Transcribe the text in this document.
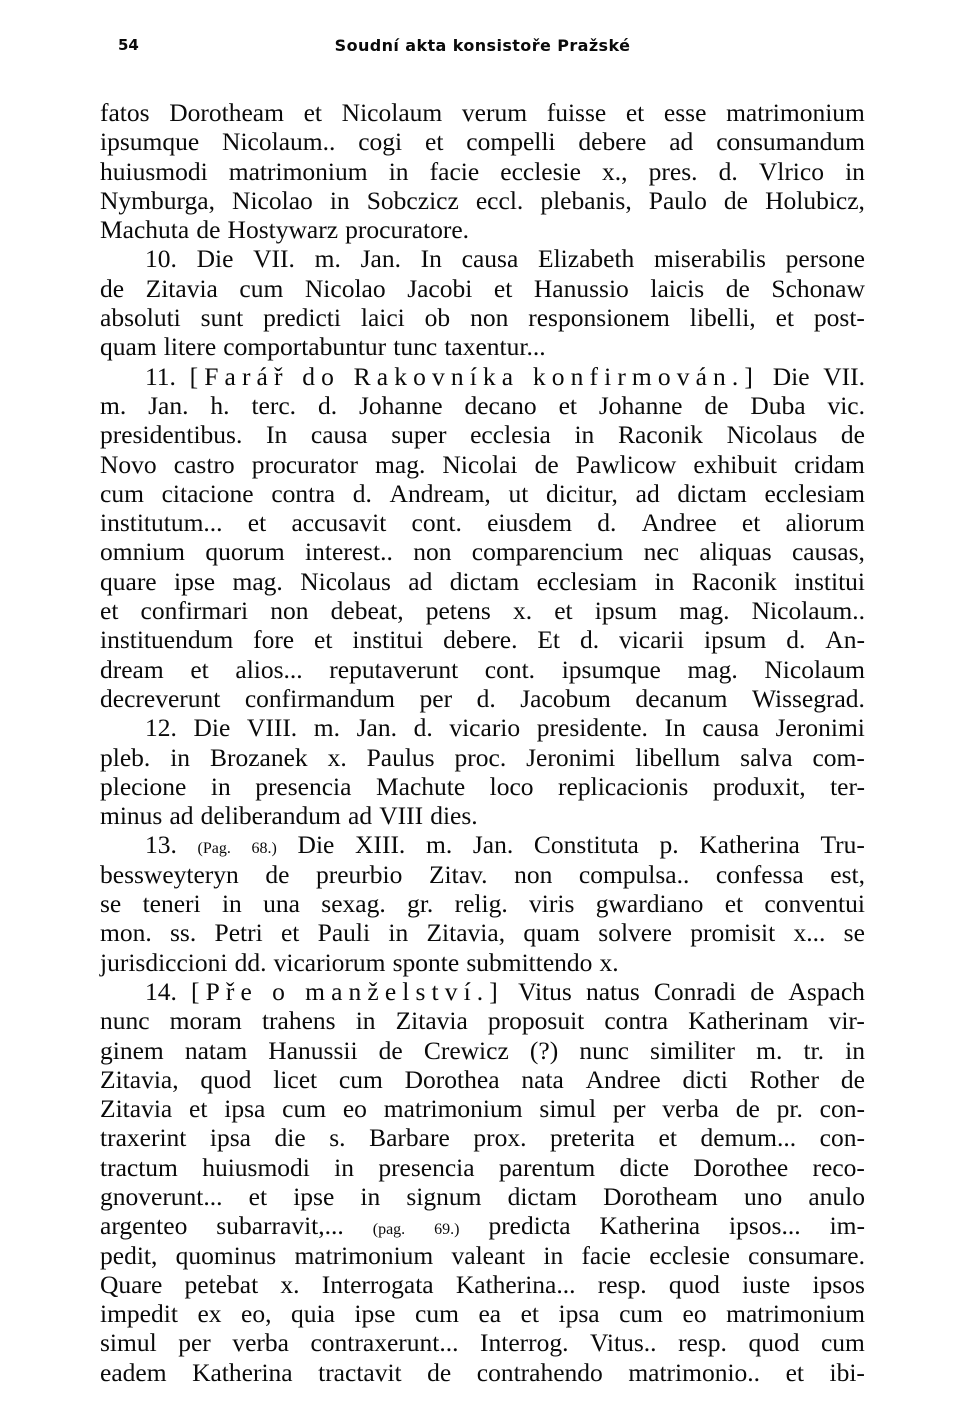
54	Soudní akta konsistoře Pražské
fatos Dorotheam et Nicolaum verum fuisse et esse matrimonium
ipsumque Nicolaum.. cogi et compelli debere ad consumandum
huiusmodi matrimonium in facie ecclesie x., pres. d. Vlrico in
Nymburga, Nicolao in Sobczicz eccl. plebanis, Paulo de Holubicz,
Machuta de Hostywarz procuratore.
10. Die VII. m. Jan. In causa Elizabeth miserabilis persone
de Zitavia cum Nicolao Jacobi et Hanussio laicis de Schonaw
absoluti sunt predicti laici ob non responsionem libelli, et post-
quam litere comportabuntur tunc taxentur...
11. [Farář do Rakovníka konfirmován.] Die VII.
m. Jan. h. terc. d. Johanne decano et Johanne de Duba vic.
presidentibus. In causa super ecclesia in Raconik Nicolaus de
Novo castro procurator mag. Nicolai de Pawlicow exhibuit cridam
cum citacione contra d. Andream, ut dicitur, ad dictam ecclesiam
institutum... et accusavit cont. eiusdem d. Andree et aliorum
omnium quorum interest.. non comparencium nec aliquas causas,
quare ipse mag. Nicolaus ad dictam ecclesiam in Raconik institui
et confirmari non debeat, petens x. et ipsum mag. Nicolaum..
instituendum fore et institui debere. Et d. vicarii ipsum d. An-
dream et alios... reputaverunt cont. ipsumque mag. Nicolaum
decreverunt confirmandum per d. Jacobum decanum Wissegrad.
12. Die VIII. m. Jan. d. vicario presidente. In causa Jeronimi
pleb. in Brozanek x. Paulus proc. Jeronimi libellum salva com-
plecione in presencia Machute loco replicacionis produxit, ter-
minus ad deliberandum ad VIII dies.
13. (Pag. 68.) Die XIII. m. Jan. Constituta p. Katherina Tru-
bessweyteryn de preurbio Zitav. non compulsa.. confessa est,
se teneri in una sexag. gr. relig. viris gwardiano et conventui
mon. ss. Petri et Pauli in Zitavia, quam solvere promisit x... se
jurisdiccioni dd. vicariorum sponte submittendo x.
14. [Pře o manželství.] Vitus natus Conradi de Aspach
nunc moram trahens in Zitavia proposuit contra Katherinam vir-
ginem natam Hanussii de Crewicz (?) nunc similiter m. tr. in
Zitavia, quod licet cum Dorothea nata Andree dicti Rother de
Zitavia et ipsa cum eo matrimonium simul per verba de pr. con-
traxerint ipsa die s. Barbare prox. preterita et demum... con-
tractum huiusmodi in presencia parentum dicte Dorothee reco-
gnoverunt... et ipse in signum dictam Dorotheam uno anulo
argenteo subarravit,... (pag. 69.) predicta Katherina ipsos... im-
pedit, quominus matrimonium valeant in facie ecclesie consumare.
Quare petebat x. Interrogata Katherina... resp. quod iuste ipsos
impedit ex eo, quia ipse cum ea et ipsa cum eo matrimonium
simul per verba contraxerunt... Interrog. Vitus.. resp. quod cum
eadem Katherina tractavit de contrahendo matrimonio.. et ibi-
